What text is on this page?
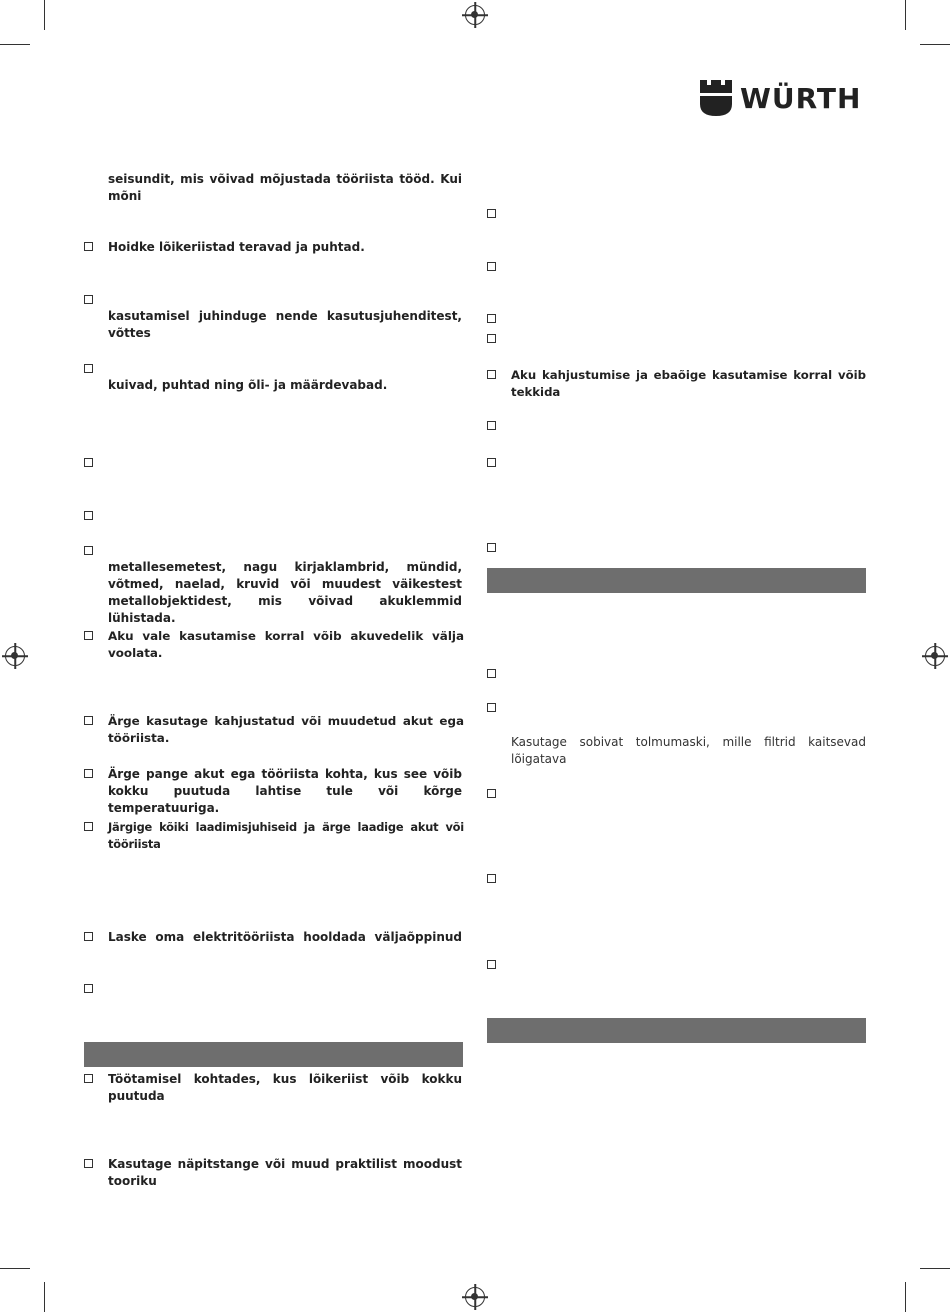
WÜRTH
seisundit, mis võivad mõjustada tööriista tööd. Kui mõni
Hoidke lõikeriistad teravad ja puhtad.
kasutamisel juhinduge nende kasutusjuhenditest, võttes
kuivad, puhtad ning õli- ja määrdevabad.
metallesemetest, nagu kirjaklambrid, mündid, võtmed, naelad, kruvid või muudest väikestest metallobjektidest, mis võivad akuklemmid lühistada.
Aku vale kasutamise korral võib akuvedelik välja voolata.
Ärge kasutage kahjustatud või muudetud akut ega tööriista.
Ärge pange akut ega tööriista kohta, kus see võib kokku puutuda lahtise tule või kõrge temperatuuriga.
Järgige kõiki laadimisjuhiseid ja ärge laadige akut või tööriista
Laske oma elektritööriista hooldada väljaõppinud
Töötamisel kohtades, kus lõikeriist võib kokku puutuda
Kasutage näpitstange või muud praktilist moodust tooriku
Aku kahjustumise ja ebaõige kasutamise korral võib tekkida
Kasutage sobivat tolmumaski, mille filtrid kaitsevad lõigatava
